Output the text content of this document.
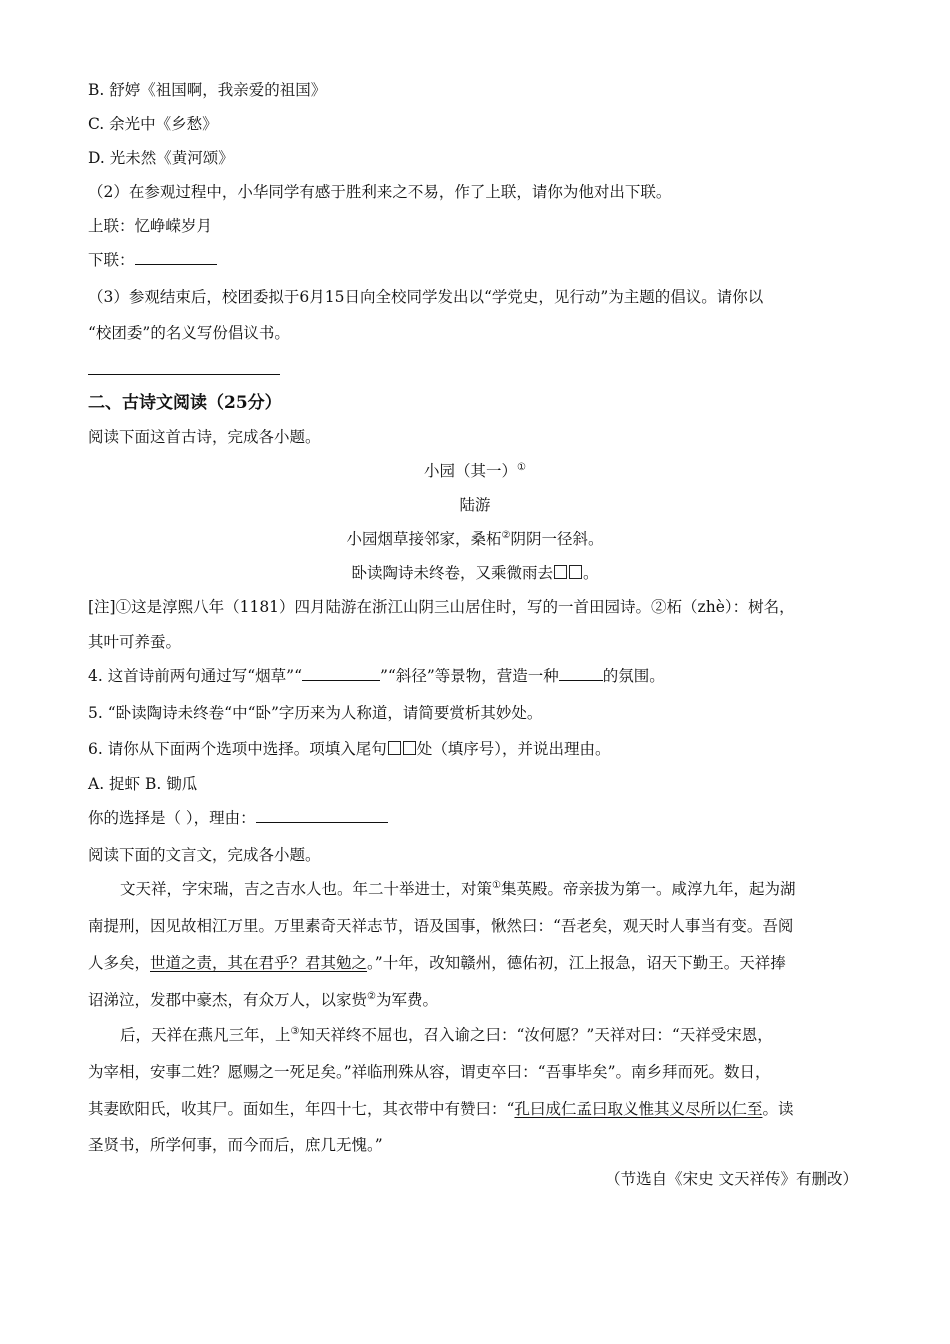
B. 舒婷《祖国啊，我亲爱的祖国》
C. 余光中《乡愁》
D. 光未然《黄河颂》
（2）在参观过程中，小华同学有感于胜利来之不易，作了上联，请你为他对出下联。
上联：忆峥嵘岁月
下联：
（3）参观结束后，校团委拟于6月15日向全校同学发出以“学党史，见行动”为主题的倡议。请你以
“校团委”的名义写份倡议书。
二、古诗文阅读（25分）
阅读下面这首古诗，完成各小题。
小园（其一）①
陆游
小园烟草接邻家，桑柘②阴阴一径斜。
卧读陶诗未终卷，又乘微雨去 。
[注]①这是淳熙八年（1181）四月陆游在浙江山阴三山居住时，写的一首田园诗。②柘（zhè）：树名，
其叶可养蚕。
4. 这首诗前两句通过写“烟草”“	”“斜径”等景物，营造一种	的氛围。
5. “卧读陶诗未终卷“中“卧”字历来为人称道，请简要赏析其妙处。
6. 请你从下面两个选项中选择。项填入尾句 处（填序号），并说出理由。
A. 捉虾 B. 锄瓜
你的选择是（ ），理由：
阅读下面的文言文，完成各小题。
文天祥，字宋瑞，吉之吉水人也。年二十举进士，对策①集英殿。帝亲拔为第一。咸淳九年，起为湖
南提刑，因见故相江万里。万里素奇天祥志节，语及国事，愀然曰：“吾老矣，观天时人事当有变。吾阅
人多矣，世道之责，其在君乎？君其勉之。”十年，改知赣州，德佑初，江上报急，诏天下勤王。天祥捧
诏涕泣，发郡中豪杰，有众万人，以家赀②为军费。
后，天祥在燕凡三年，上③知天祥终不屈也，召入谕之曰：“汝何愿？”天祥对曰：“天祥受宋恩，
为宰相，安事二姓？愿赐之一死足矣。”祥临刑殊从容，谓吏卒曰：“吾事毕矣”。南乡拜而死。数日，
其妻欧阳氏，收其尸。面如生，年四十七，其衣带中有赞曰：“孔曰成仁孟曰取义惟其义尽所以仁至。读
圣贤书，所学何事，而今而后，庶几无愧。”
（节选自《宋史 文天祥传》有删改）
